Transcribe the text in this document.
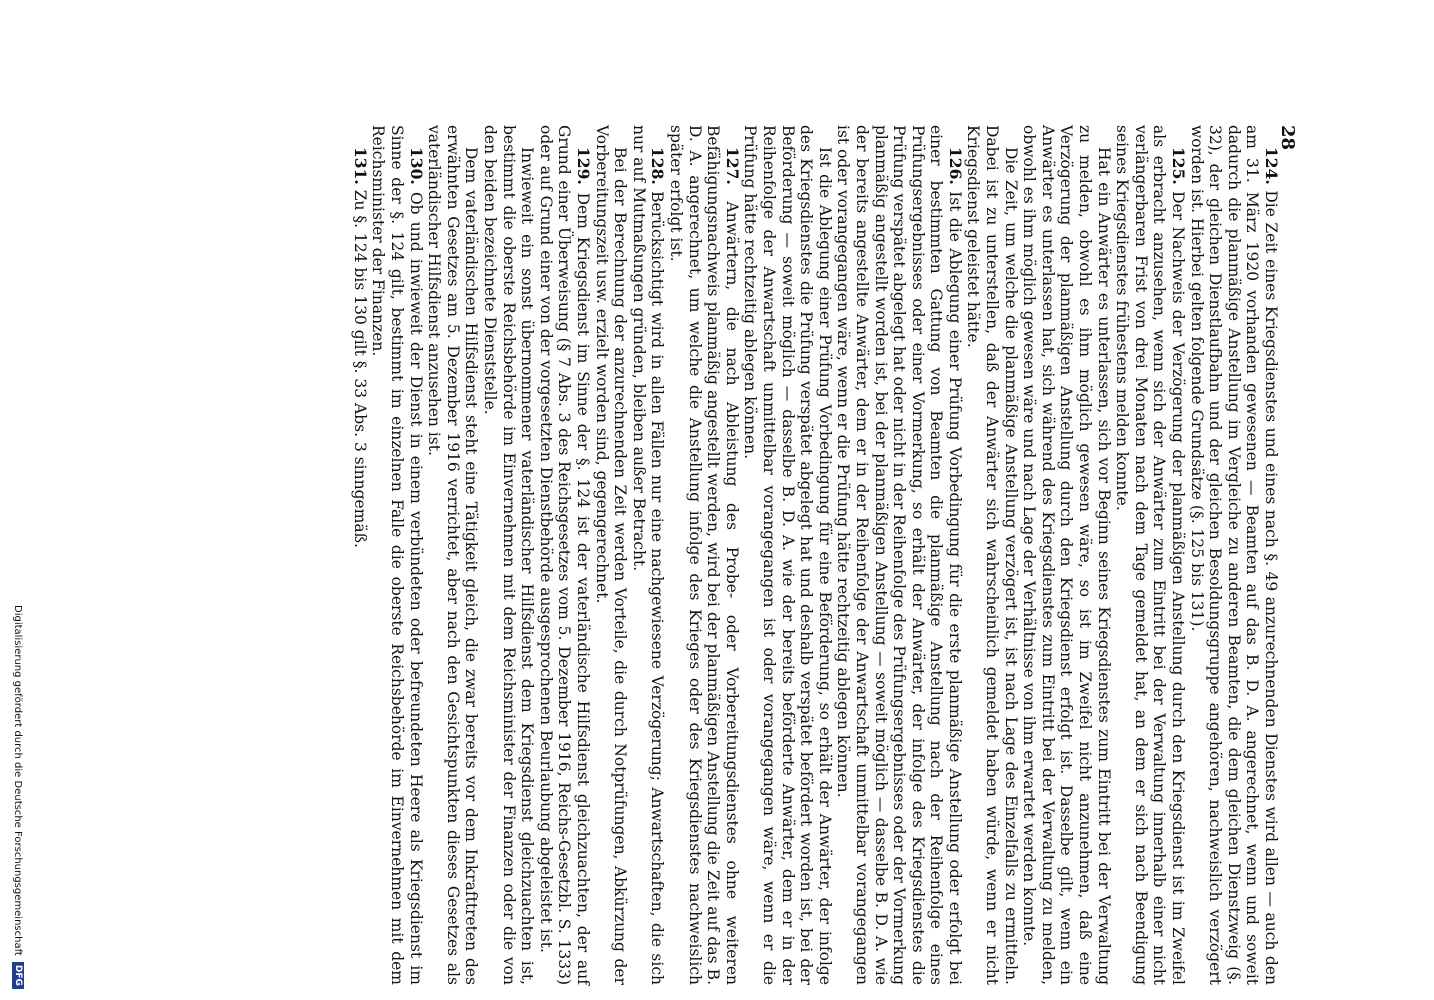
28

124. Die Zeit eines Kriegsdienstes und eines nach §. 49 anzurechnenden Dienstes wird allen — auch den am 31. März 1920 vorhanden gewesenen — Beamten auf das B. D. A. angerechnet, wenn und soweit dadurch die planmäßige Anstellung im Vergleiche zu anderen Beamten, die dem gleichen Dienstzweig (§. 32), der gleichen Dienstlaufbahn und der gleichen Besoldungsgruppe angehören, nachweislich verzögert worden ist. Hierbei gelten folgende Grundsätze (§. 125 bis 131).

125. Der Nachweis der Verzögerung der planmäßigen Anstellung durch den Kriegsdienst ist im Zweifel als erbracht anzusehen, wenn sich der Anwärter zum Eintritt bei der Verwaltung innerhalb einer nicht verlängerbaren Frist von drei Monaten nach dem Tage gemeldet hat, an dem er sich nach Beendigung seines Kriegsdienstes frühestens melden konnte.

Hat ein Anwärter es unterlassen, sich vor Beginn seines Kriegsdienstes zum Eintritt bei der Verwaltung zu melden, obwohl es ihm möglich gewesen wäre, so ist im Zweifel nicht anzunehmen, daß eine Verzögerung der planmäßigen Anstellung durch den Kriegsdienst erfolgt ist. Dasselbe gilt, wenn ein Anwärter es unterlassen hat, sich während des Kriegsdienstes zum Eintritt bei der Verwaltung zu melden, obwohl es ihm möglich gewesen wäre und nach Lage der Verhältnisse von ihm erwartet werden konnte.

Die Zeit, um welche die planmäßige Anstellung verzögert ist, ist nach Lage des Einzelfalls zu ermitteln. Dabei ist zu unterstellen, daß der Anwärter sich wahrscheinlich gemeldet haben würde, wenn er nicht Kriegsdienst geleistet hätte.

126. Ist die Ablegung einer Prüfung Vorbedingung für die erste planmäßige Anstellung oder erfolgt bei einer bestimmten Gattung von Beamten die planmäßige Anstellung nach der Reihenfolge eines Prüfungsergebnisses oder einer Vormerkung, so erhält der Anwärter, der infolge des Kriegsdienstes die Prüfung verspätet abgelegt hat oder nicht in der Reihenfolge des Prüfungsergebnisses oder der Vormerkung planmäßig angestellt worden ist, bei der planmäßigen Anstellung — soweit möglich — dasselbe B. D. A. wie der bereits angestellte Anwärter, dem er in der Reihenfolge der Anwartschaft unmittelbar vorangegangen ist oder vorangegangen wäre, wenn er die Prüfung hätte rechtzeitig ablegen können.

Ist die Ablegung einer Prüfung Vorbedingung für eine Beförderung, so erhält der Anwärter, der infolge des Kriegsdienstes die Prüfung verspätet abgelegt hat und deshalb verspätet befördert worden ist, bei der Beförderung — soweit möglich — dasselbe B. D. A. wie der bereits beförderte Anwärter, dem er in der Reihenfolge der Anwartschaft unmittelbar vorangegangen ist oder vorangegangen wäre, wenn er die Prüfung hätte rechtzeitig ablegen können.

127. Anwärtern, die nach Ableistung des Probe- oder Vorbereitungsdienstes ohne weiteren Befähigungsnachweis planmäßig angestellt werden, wird bei der planmäßigen Anstellung die Zeit auf das B. D. A. angerechnet, um welche die Anstellung infolge des Krieges oder des Kriegsdienstes nachweislich später erfolgt ist.

128. Berücksichtigt wird in allen Fällen nur eine nachgewiesene Verzögerung; Anwartschaften, die sich nur auf Mutmaßungen gründen, bleiben außer Betracht.

Bei der Berechnung der anzurechnenden Zeit werden Vorteile, die durch Notprüfungen, Abkürzung der Vorbereitungszeit usw. erzielt worden sind, gegengerechnet.

129. Dem Kriegsdienst im Sinne der §. 124 ist der vaterländische Hilfsdienst gleichzuachten, der auf Grund einer Überweisung (§ 7 Abs. 3 des Reichsgesetzes vom 5. Dezember 1916, Reichs-Gesetzbl. S. 1333) oder auf Grund einer von der vorgesetzten Dienstbehörde ausgesprochenen Beurlaubung abgeleistet ist.

Inwieweit ein sonst übernommener vaterländischer Hilfsdienst dem Kriegsdienst gleichzuachten ist, bestimmt die oberste Reichsbehörde im Einvernehmen mit dem Reichsminister der Finanzen oder die von den beiden bezeichnete Dienststelle.

Dem vaterländischen Hilfsdienst steht eine Tätigkeit gleich, die zwar bereits vor dem Inkrafttreten des erwähnten Gesetzes am 5. Dezember 1916 verrichtet, aber nach den Gesichtspunkten dieses Gesetzes als vaterländischer Hilfsdienst anzusehen ist.

130. Ob und inwieweit der Dienst in einem verbündeten oder befreundeten Heere als Kriegsdienst im Sinne der §. 124 gilt, bestimmt im einzelnen Falle die oberste Reichsbehörde im Einvernehmen mit dem Reichsminister der Finanzen.

131. Zu §. 124 bis 130 gilt §. 33 Abs. 3 sinngemäß.

Digitalisierung gefördert durch die Deutsche Forschungsgemeinschaft
DFG
